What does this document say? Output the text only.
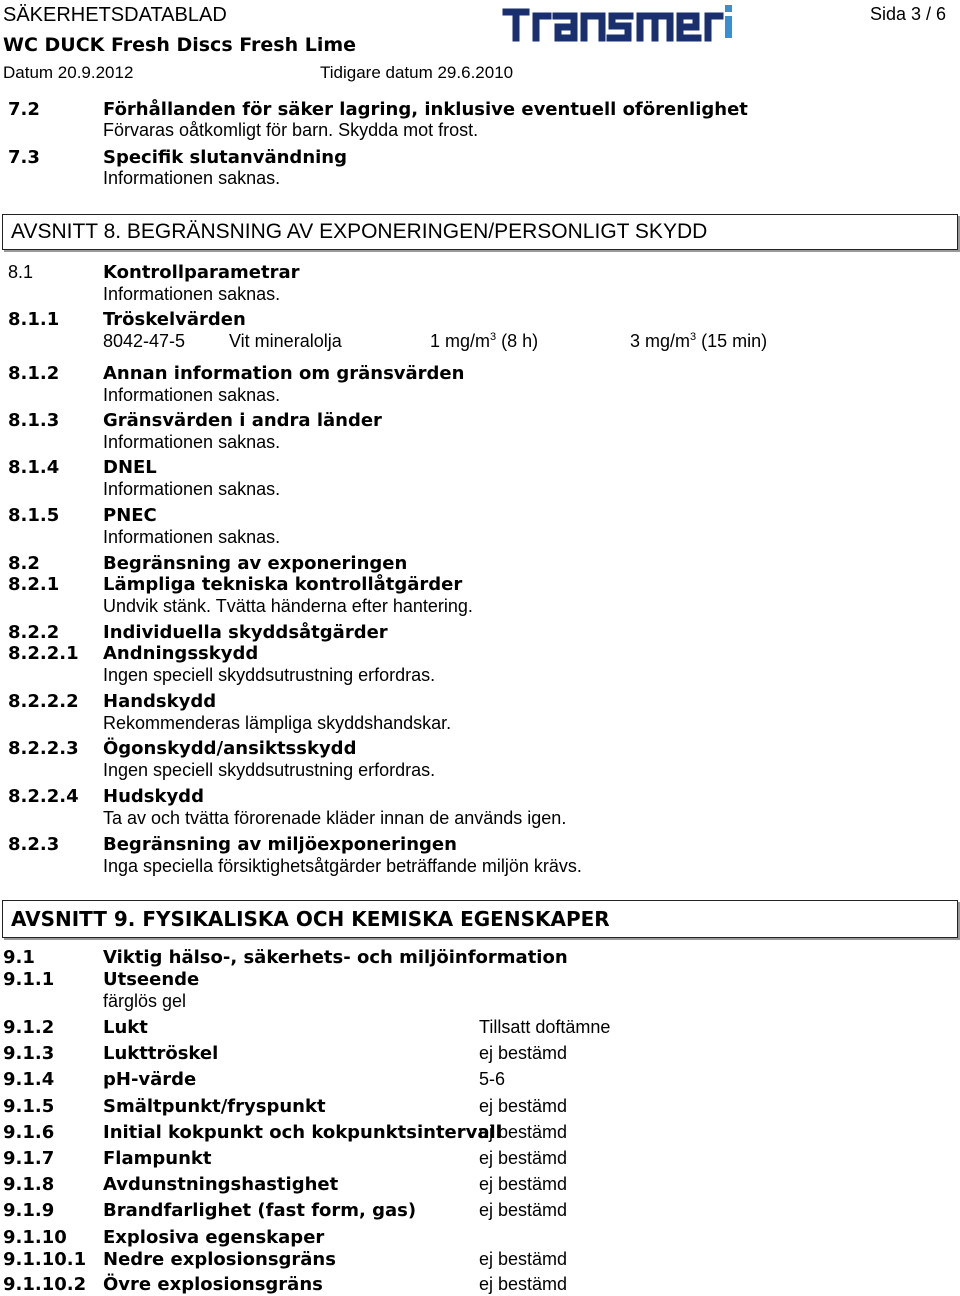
SÄKERHETSDATABLAD	Sida 3 / 6
WC DUCK Fresh Discs Fresh Lime
Datum 20.9.2012	Tidigare datum 29.6.2010
7.2	Förhållanden för säker lagring, inklusive eventuell oförenlighet
Förvaras oåtkomligt för barn. Skydda mot frost.
7.3	Specifik slutanvändning
Informationen saknas.
AVSNITT 8. BEGRÄNSNING AV EXPONERINGEN/PERSONLIGT SKYDD
8.1	Kontrollparametrar
Informationen saknas.
8.1.1 Tröskelvärden
8042-47-5 Vit mineralolja	1 $mg/m^3$ (8 h)	3 $mg/m^3$ (15 min)
8.1.2 Annan information om gränsvärden
Informationen saknas.
8.1.3 Gränsvärden i andra länder
Informationen saknas.
8.1.4 DNEL
Informationen saknas.
8.1.5 PNEC
Informationen saknas.
8.2	Begränsning av exponeringen
8.2.1 Lämpliga tekniska kontrollåtgärder
Undvik stänk. Tvätta händerna efter hantering.
8.2.2 Individuella skyddsåtgärder
8.2.2.1 Andningsskydd
Ingen speciell skyddsutrustning erfordras.
8.2.2.2 Handskydd
Rekommenderas lämpliga skyddshandskar.
8.2.2.3 Ögonskydd/ansiktsskydd
Ingen speciell skyddsutrustning erfordras.
8.2.2.4 Hudskydd
Ta av och tvätta förorenade kläder innan de används igen.
8.2.3 Begränsning av miljöexponeringen
Inga speciella försiktighetsåtgärder beträffande miljön krävs.
AVSNITT 9. FYSIKALISKA OCH KEMISKA EGENSKAPER
9.1	Viktig hälso-, säkerhets- och miljöinformation
9.1.1	Utseende
färglös gel
9.1.2	Lukt	Tillsatt doftämne
9.1.3	Lukttröskel	ej bestämd
9.1.4	pH-värde	5-6
9.1.5	Smältpunkt/fryspunkt	ej bestämd
9.1.6	Initial kokpunkt och kokpunktsintervall
ej bestämd
9.1.7	Flampunkt	ej bestämd
9.1.8	Avdunstningshastighet	ej bestämd
9.1.9	Brandfarlighet (fast form, gas)	ej bestämd
9.1.10 Explosiva egenskaper
9.1.10.1 Nedre explosionsgräns	ej bestämd
9.1.10.2 Övre explosionsgräns	ej bestämd
